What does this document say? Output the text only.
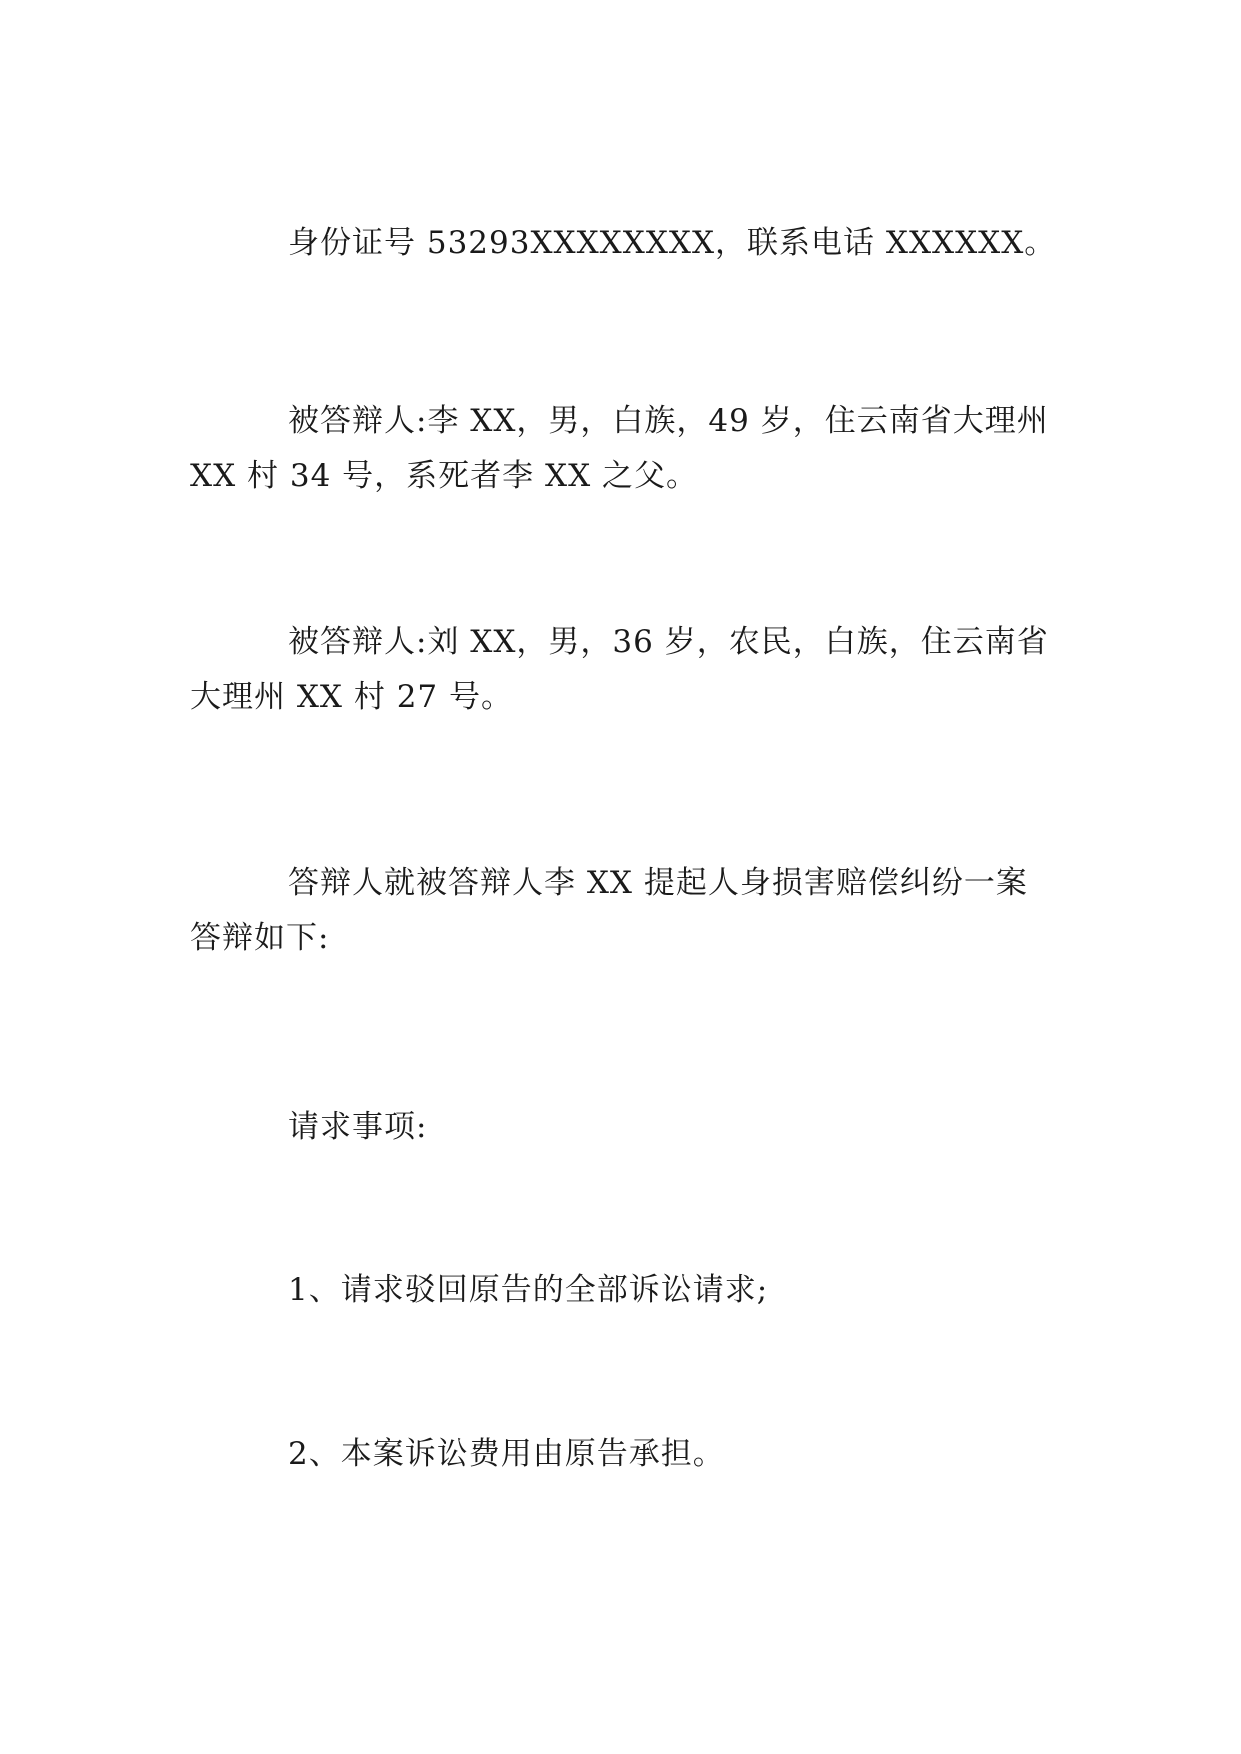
身份证号 53293XXXXXXXX，联系电话 XXXXXX。

被答辩人:李 XX，男，白族，49 岁，住云南省大理州
XX 村 34 号，系死者李 XX 之父。

被答辩人:刘 XX，男，36 岁，农民，白族，住云南省
大理州 XX 村 27 号。

答辩人就被答辩人李 XX 提起人身损害赔偿纠纷一案
答辩如下:

请求事项:

1、请求驳回原告的全部诉讼请求;

2、本案诉讼费用由原告承担。
